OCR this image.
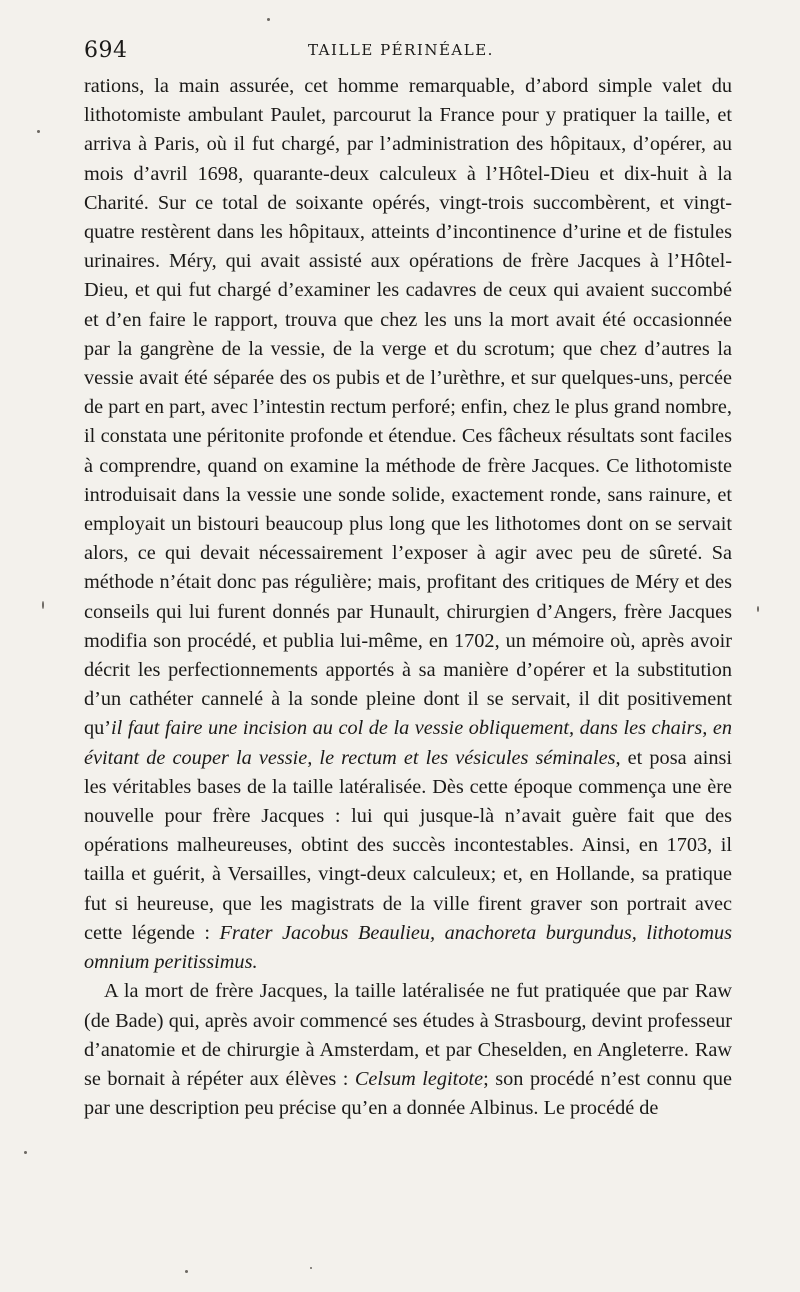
694	TAILLE PÉRINÉALE.

rations, la main assurée, cet homme remarquable, d’abord simple valet du lithotomiste ambulant Paulet, parcourut la France pour y pratiquer la taille, et arriva à Paris, où il fut chargé, par l’administration des hôpitaux, d’opérer, au mois d’avril 1698, quarante-deux calculeux à l’Hôtel-Dieu et dix-huit à la Charité. Sur ce total de soixante opérés, vingt-trois succombèrent, et vingt-quatre restèrent dans les hôpitaux, atteints d’incontinence d’urine et de fistules urinaires. Méry, qui avait assisté aux opérations de frère Jacques à l’Hôtel-Dieu, et qui fut chargé d’examiner les cadavres de ceux qui avaient succombé et d’en faire le rapport, trouva que chez les uns la mort avait été occasionnée par la gangrène de la vessie, de la verge et du scrotum; que chez d’autres la vessie avait été séparée des os pubis et de l’urèthre, et sur quelques-uns, percée de part en part, avec l’intestin rectum perforé; enfin, chez le plus grand nombre, il constata une péritonite profonde et étendue. Ces fâcheux résultats sont faciles à comprendre, quand on examine la méthode de frère Jacques. Ce lithotomiste introduisait dans la vessie une sonde solide, exactement ronde, sans rainure, et employait un bistouri beaucoup plus long que les lithotomes dont on se servait alors, ce qui devait nécessairement l’exposer à agir avec peu de sûreté. Sa méthode n’était donc pas régulière; mais, profitant des critiques de Méry et des conseils qui lui furent donnés par Hunault, chirurgien d’Angers, frère Jacques modifia son procédé, et publia lui-même, en 1702, un mémoire où, après avoir décrit les perfectionnements apportés à sa manière d’opérer et la substitution d’un cathéter cannelé à la sonde pleine dont il se servait, il dit positivement qu’il faut faire une incision au col de la vessie obliquement, dans les chairs, en évitant de couper la vessie, le rectum et les vésicules séminales, et posa ainsi les véritables bases de la taille latéralisée. Dès cette époque commença une ère nouvelle pour frère Jacques : lui qui jusque-là n’avait guère fait que des opérations malheureuses, obtint des succès incontestables. Ainsi, en 1703, il tailla et guérit, à Versailles, vingt-deux calculeux; et, en Hollande, sa pratique fut si heureuse, que les magistrats de la ville firent graver son portrait avec cette légende : Frater Jacobus Beaulieu, anachoreta burgundus, lithotomus omnium peritissimus.

A la mort de frère Jacques, la taille latéralisée ne fut pratiquée que par Raw (de Bade) qui, après avoir commencé ses études à Strasbourg, devint professeur d’anatomie et de chirurgie à Amsterdam, et par Cheselden, en Angleterre. Raw se bornait à répéter aux élèves : Celsum legitote; son procédé n’est connu que par une description peu précise qu’en a donnée Albinus. Le procédé de
